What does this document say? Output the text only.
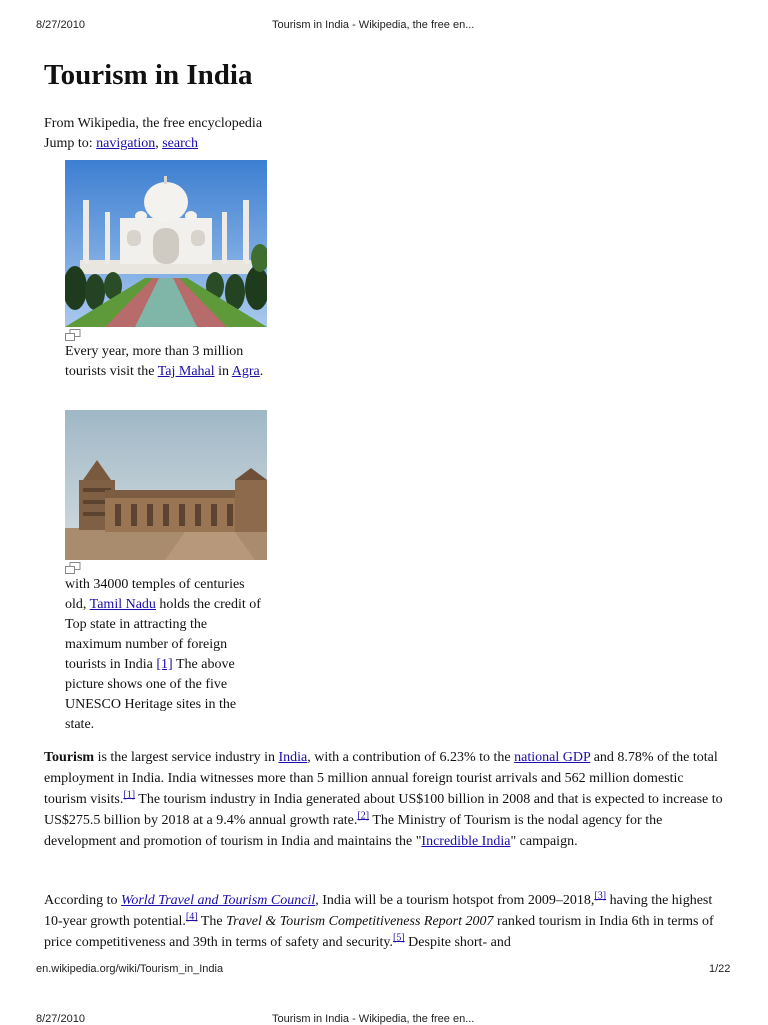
8/27/2010	Tourism in India - Wikipedia, the free en...
Tourism in India
From Wikipedia, the free encyclopedia
Jump to: navigation, search
Every year, more than 3 million tourists visit the Taj Mahal in Agra.
with 34000 temples of centuries old, Tamil Nadu holds the credit of Top state in attracting the maximum number of foreign tourists in India [1] The above picture shows one of the five UNESCO Heritage sites in the state.
Tourism is the largest service industry in India, with a contribution of 6.23% to the national GDP and 8.78% of the total employment in India. India witnesses more than 5 million annual foreign tourist arrivals and 562 million domestic tourism visits.[1] The tourism industry in India generated about US$100 billion in 2008 and that is expected to increase to US$275.5 billion by 2018 at a 9.4% annual growth rate.[2] The Ministry of Tourism is the nodal agency for the development and promotion of tourism in India and maintains the "Incredible India" campaign.
According to World Travel and Tourism Council, India will be a tourism hotspot from 2009–2018,[3] having the highest 10-year growth potential.[4] The Travel & Tourism Competitiveness Report 2007 ranked tourism in India 6th in terms of price competitiveness and 39th in terms of safety and security.[5] Despite short- and
en.wikipedia.org/wiki/Tourism_in_India	1/22
8/27/2010	Tourism in India - Wikipedia, the free en...
